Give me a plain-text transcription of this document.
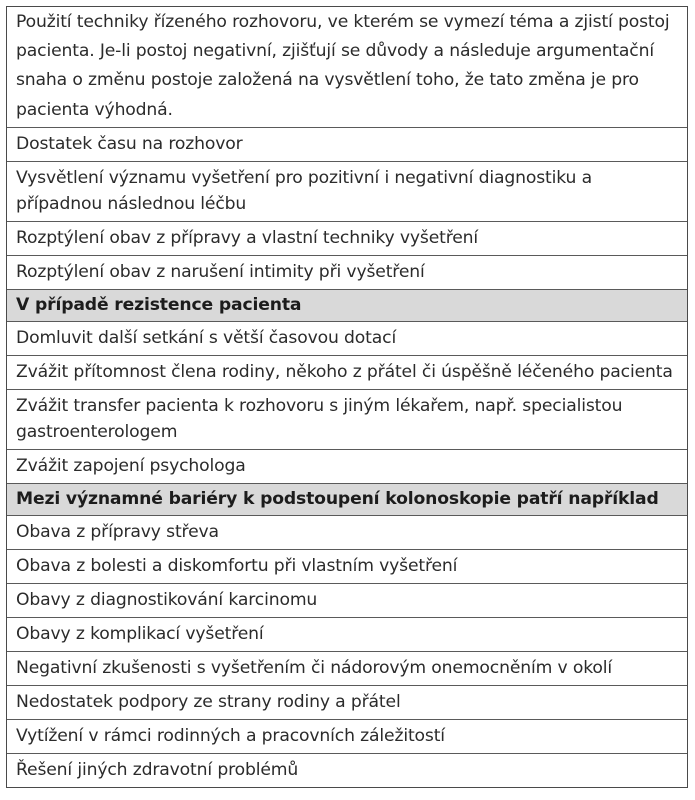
Použití techniky řízeného rozhovoru, ve kterém se vymezí téma a zjistí postoj pacienta. Je-li postoj negativní, zjišťují se důvody a následuje argumentační snaha o změnu postoje založená na vysvětlení toho, že tato změna je pro pacienta výhodná.
Dostatek času na rozhovor
Vysvětlení významu vyšetření pro pozitivní i negativní diagnostiku a případnou následnou léčbu
Rozptýlení obav z přípravy a vlastní techniky vyšetření
Rozptýlení obav z narušení intimity při vyšetření
V případě rezistence pacienta
Domluvit další setkání s větší časovou dotací
Zvážit přítomnost člena rodiny, někoho z přátel či úspěšně léčeného pacienta
Zvážit transfer pacienta k rozhovoru s jiným lékařem, např. specialistou gastroenterologem
Zvážit zapojení psychologa
Mezi významné bariéry k podstoupení kolonoskopie patří například
Obava z přípravy střeva
Obava z bolesti a diskomfortu při vlastním vyšetření
Obavy z diagnostikování karcinomu
Obavy z komplikací vyšetření
Negativní zkušenosti s vyšetřením či nádorovým onemocněním v okolí
Nedostatek podpory ze strany rodiny a přátel
Vytížení v rámci rodinných a pracovních záležitostí
Řešení jiných zdravotní problémů
